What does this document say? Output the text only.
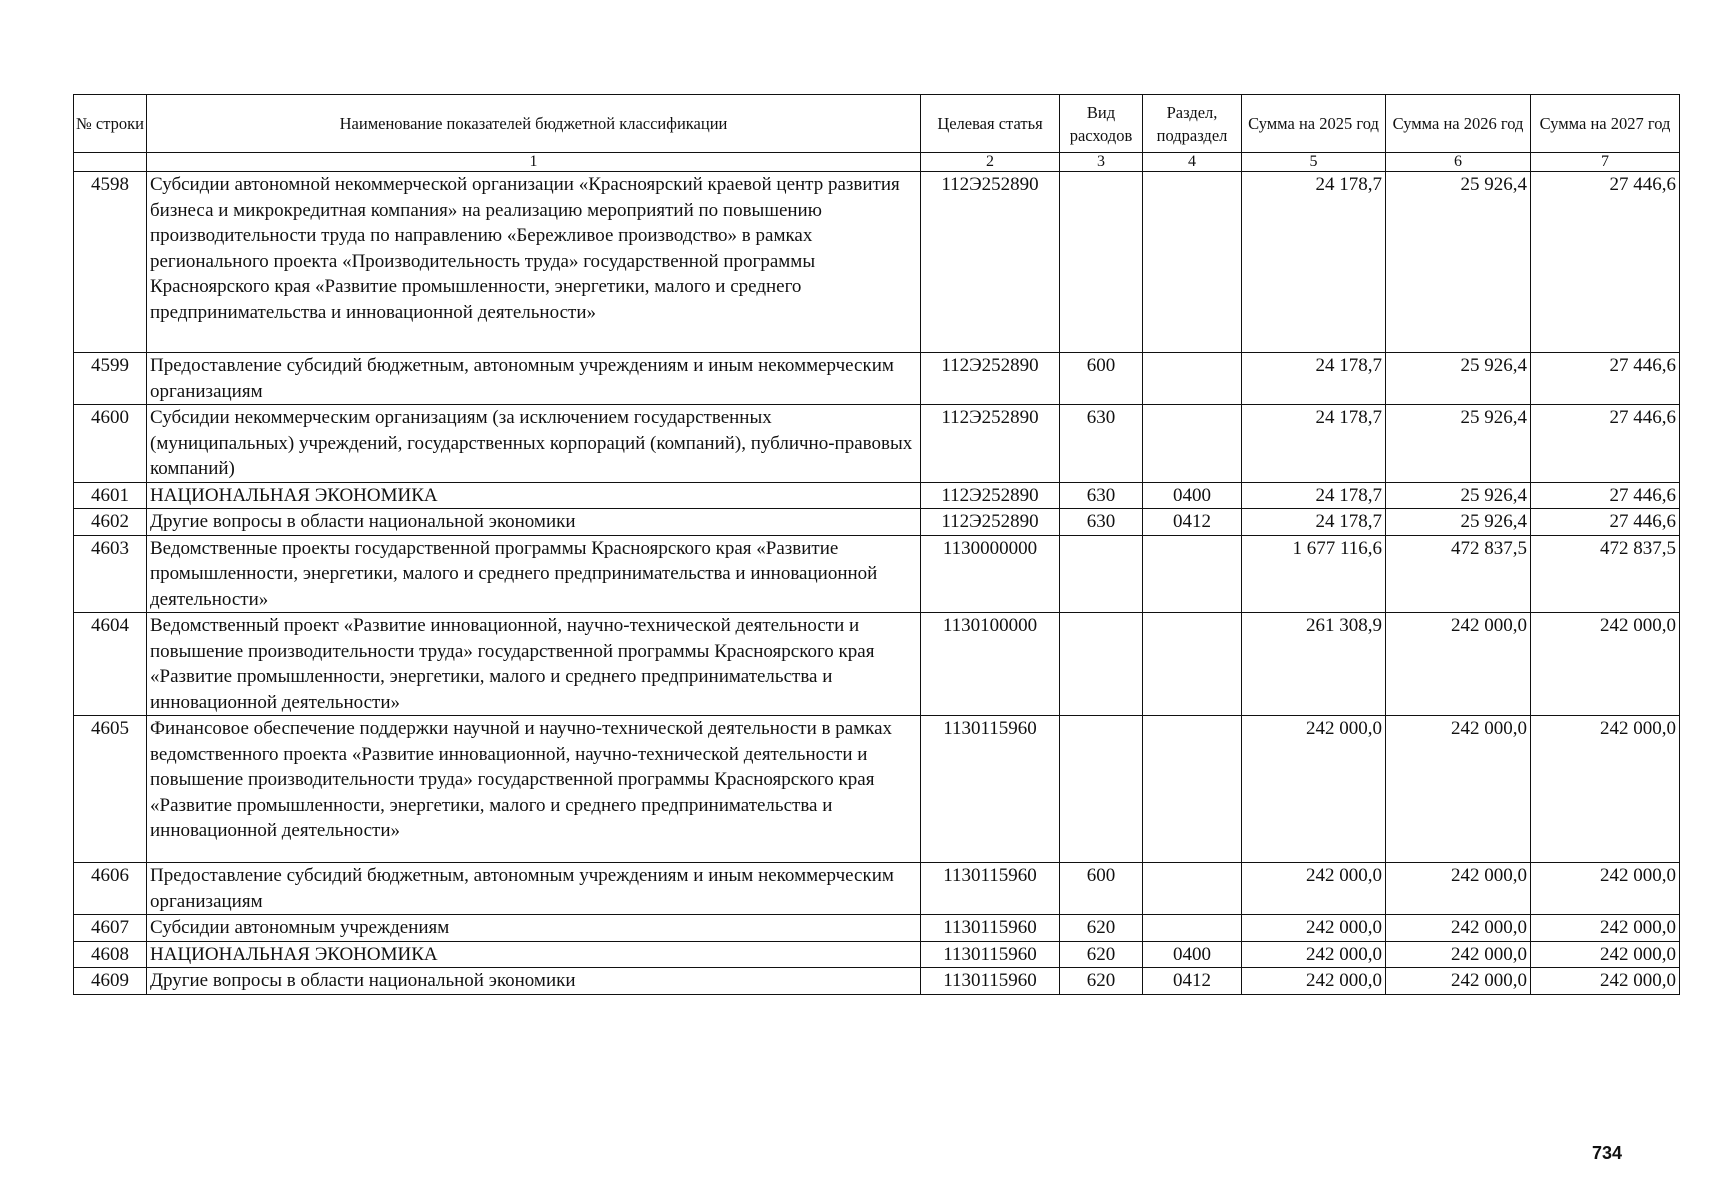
№ строки	Наименование показателей бюджетной классификации	Целевая статья	Вид расходов	Раздел, подраздел	Сумма на 2025 год	Сумма на 2026 год	Сумма на 2027 год
	1	2	3	4	5	6	7
4598	Субсидии автономной некоммерческой организации «Красноярский краевой центр развития бизнеса и микрокредитная компания» на реализацию мероприятий по повышению производительности труда по направлению «Бережливое производство» в рамках регионального проекта «Производительность труда» государственной программы Красноярского края «Развитие промышленности, энергетики, малого и среднего предпринимательства и инновационной деятельности»	112Э252890			24 178,7	25 926,4	27 446,6
4599	Предоставление субсидий бюджетным, автономным учреждениям и иным некоммерческим организациям	112Э252890	600		24 178,7	25 926,4	27 446,6
4600	Субсидии некоммерческим организациям (за исключением государственных (муниципальных) учреждений, государственных корпораций (компаний), публично-правовых компаний)	112Э252890	630		24 178,7	25 926,4	27 446,6
4601	НАЦИОНАЛЬНАЯ ЭКОНОМИКА	112Э252890	630	0400	24 178,7	25 926,4	27 446,6
4602	Другие вопросы в области национальной экономики	112Э252890	630	0412	24 178,7	25 926,4	27 446,6
4603	Ведомственные проекты государственной программы Красноярского края «Развитие промышленности, энергетики, малого и среднего предпринимательства и инновационной деятельности»	1130000000			1 677 116,6	472 837,5	472 837,5
4604	Ведомственный проект «Развитие инновационной, научно-технической деятельности и повышение производительности труда» государственной программы Красноярского края «Развитие промышленности, энергетики, малого и среднего предпринимательства и инновационной деятельности»	1130100000			261 308,9	242 000,0	242 000,0
4605	Финансовое обеспечение поддержки научной и научно-технической деятельности в рамках ведомственного проекта «Развитие инновационной, научно-технической деятельности и повышение производительности труда» государственной программы Красноярского края «Развитие промышленности, энергетики, малого и среднего предпринимательства и инновационной деятельности»	1130115960			242 000,0	242 000,0	242 000,0
4606	Предоставление субсидий бюджетным, автономным учреждениям и иным некоммерческим организациям	1130115960	600		242 000,0	242 000,0	242 000,0
4607	Субсидии автономным учреждениям	1130115960	620		242 000,0	242 000,0	242 000,0
4608	НАЦИОНАЛЬНАЯ ЭКОНОМИКА	1130115960	620	0400	242 000,0	242 000,0	242 000,0
4609	Другие вопросы в области национальной экономики	1130115960	620	0412	242 000,0	242 000,0	242 000,0
734
